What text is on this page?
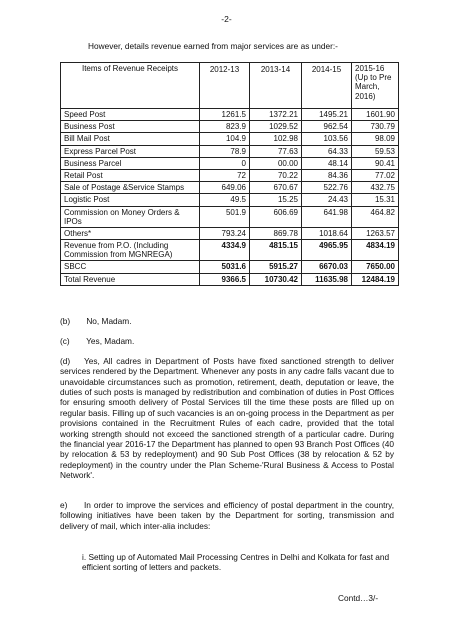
-2-
However, details revenue earned from major services are as under:-
Items of Revenue Receipts	2012-13	2013-14	2014-15	2015-16 (Up to Pre March, 2016)
Speed Post	1261.5	1372.21	1495.21	1601.90
Business Post	823.9	1029.52	962.54	730.79
Bill Mail Post	104.9	102.98	103.56	98.09
Express Parcel Post	78.9	77.63	64.33	59.53
Business Parcel	0	00.00	48.14	90.41
Retail Post	72	70.22	84.36	77.02
Sale of Postage &Service Stamps	649.06	670.67	522.76	432.75
Logistic Post	49.5	15.25	24.43	15.31
Commission on Money Orders & IPOs	501.9	606.69	641.98	464.82
Others*	793.24	869.78	1018.64	1263.57
Revenue from P.O. (Including Commission from MGNREGA)	4334.9	4815.15	4965.95	4834.19
SBCC	5031.6	5915.27	6670.03	7650.00
Total Revenue	9366.5	10730.42	11635.98	12484.19
(b) No, Madam.
(c) Yes, Madam.
(d) Yes, All cadres in Department of Posts have fixed sanctioned strength to deliver services rendered by the Department. Whenever any posts in any cadre falls vacant due to unavoidable circumstances such as promotion, retirement, death, deputation or leave, the duties of such posts is managed by redistribution and combination of duties in Post Offices for ensuring smooth delivery of Postal Services till the time these posts are filled up on regular basis. Filling up of such vacancies is an on-going process in the Department as per provisions contained in the Recruitment Rules of each cadre, provided that the total working strength should not exceed the sanctioned strength of a particular cadre. During the financial year 2016-17 the Department has planned to open 93 Branch Post Offices (40 by relocation & 53 by redeployment) and 90 Sub Post Offices (38 by relocation & 52 by redeployment) in the country under the Plan Scheme-'Rural Business & Access to Postal Network'.
e) In order to improve the services and efficiency of postal department in the country, following initiatives have been taken by the Department for sorting, transmission and delivery of mail, which inter-alia includes:
i. Setting up of Automated Mail Processing Centres in Delhi and Kolkata for fast and efficient sorting of letters and packets.
Contd…3/-
